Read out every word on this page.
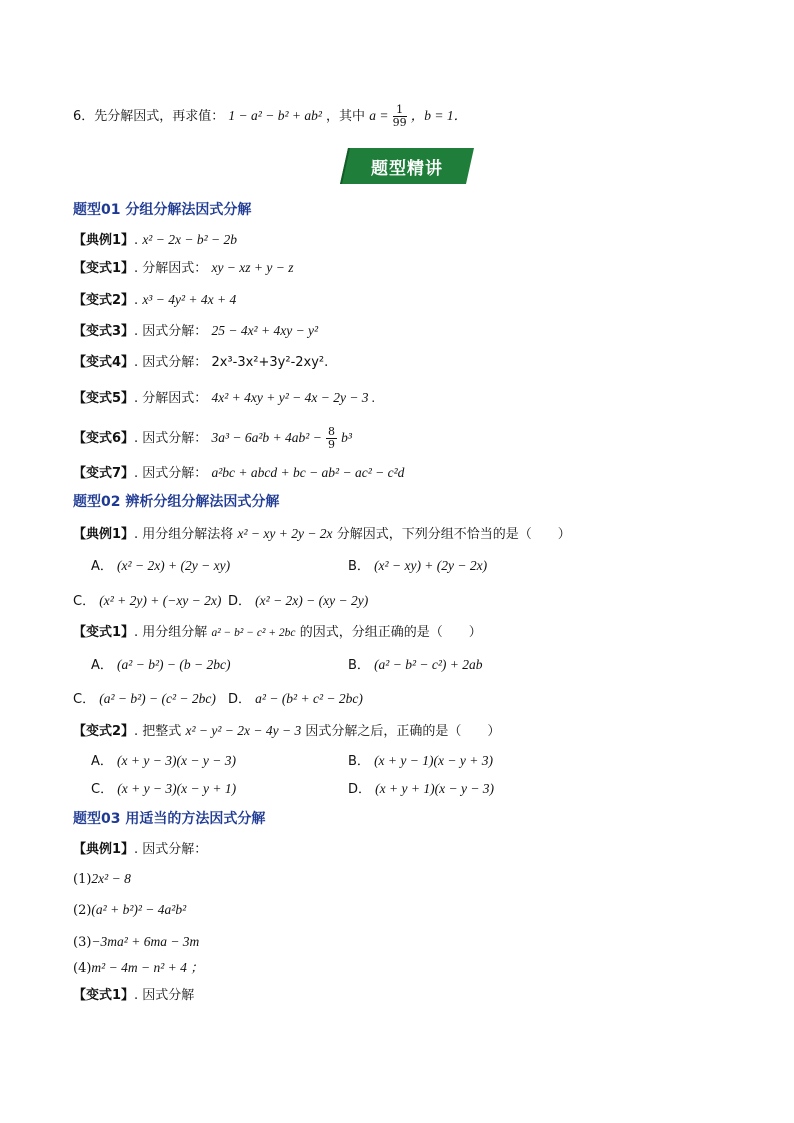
6．先分解因式，再求值： 1 − a² − b² + ab² ，其中 $a = \frac{1}{99}$ ，b = 1．
题型精讲
题型01 分组分解法因式分解
【典例1】. x² − 2x − b² − 2b
【变式1】. 分解因式： xy − xz + y − z
【变式2】. x³ − 4y² + 4x + 4
【变式3】. 因式分解： 25 − 4x² + 4xy − y²
【变式4】. 因式分解： 2x³-3x²+3y²-2xy².
【变式5】. 分解因式： 4x² + 4xy + y² − 4x − 2y − 3 .
【变式6】. 因式分解： $3a^3 - 6a^2b + 4ab^2 - \frac{8}{9} b^3$
【变式7】. 因式分解： a²bc + abcd + bc − ab² − ac² − c²d
题型02 辨析分组分解法因式分解
【典例1】. 用分组分解法将 x² − xy + 2y − 2x 分解因式，下列分组不恰当的是（　　）
A． (x² − 2x) + (2y − xy)	B． (x² − xy) + (2y − 2x)
C． (x² + 2y) + (−xy − 2x) D． (x² − 2x) − (xy − 2y)
【变式1】. 用分组分解 a² − b² − c² + 2bc 的因式，分组正确的是（　　）
A． (a² − b²) − (b − 2bc)	B． (a² − b² − c²) + 2ab
C． (a² − b²) − (c² − 2bc) D． a² − (b² + c² − 2bc)
【变式2】. 把整式 x² − y² − 2x − 4y − 3 因式分解之后，正确的是（　　）
A． (x + y − 3)(x − y − 3)	B． (x + y − 1)(x − y + 3)
C． (x + y − 3)(x − y + 1)	D． (x + y + 1)(x − y − 3)
题型03 用适当的方法因式分解
【典例1】. 因式分解：
(1)2x² − 8
(2)(a² + b²)² − 4a²b²
(3)−3ma² + 6ma − 3m
(4)m² − 4m − n² + 4 ；
【变式1】. 因式分解
